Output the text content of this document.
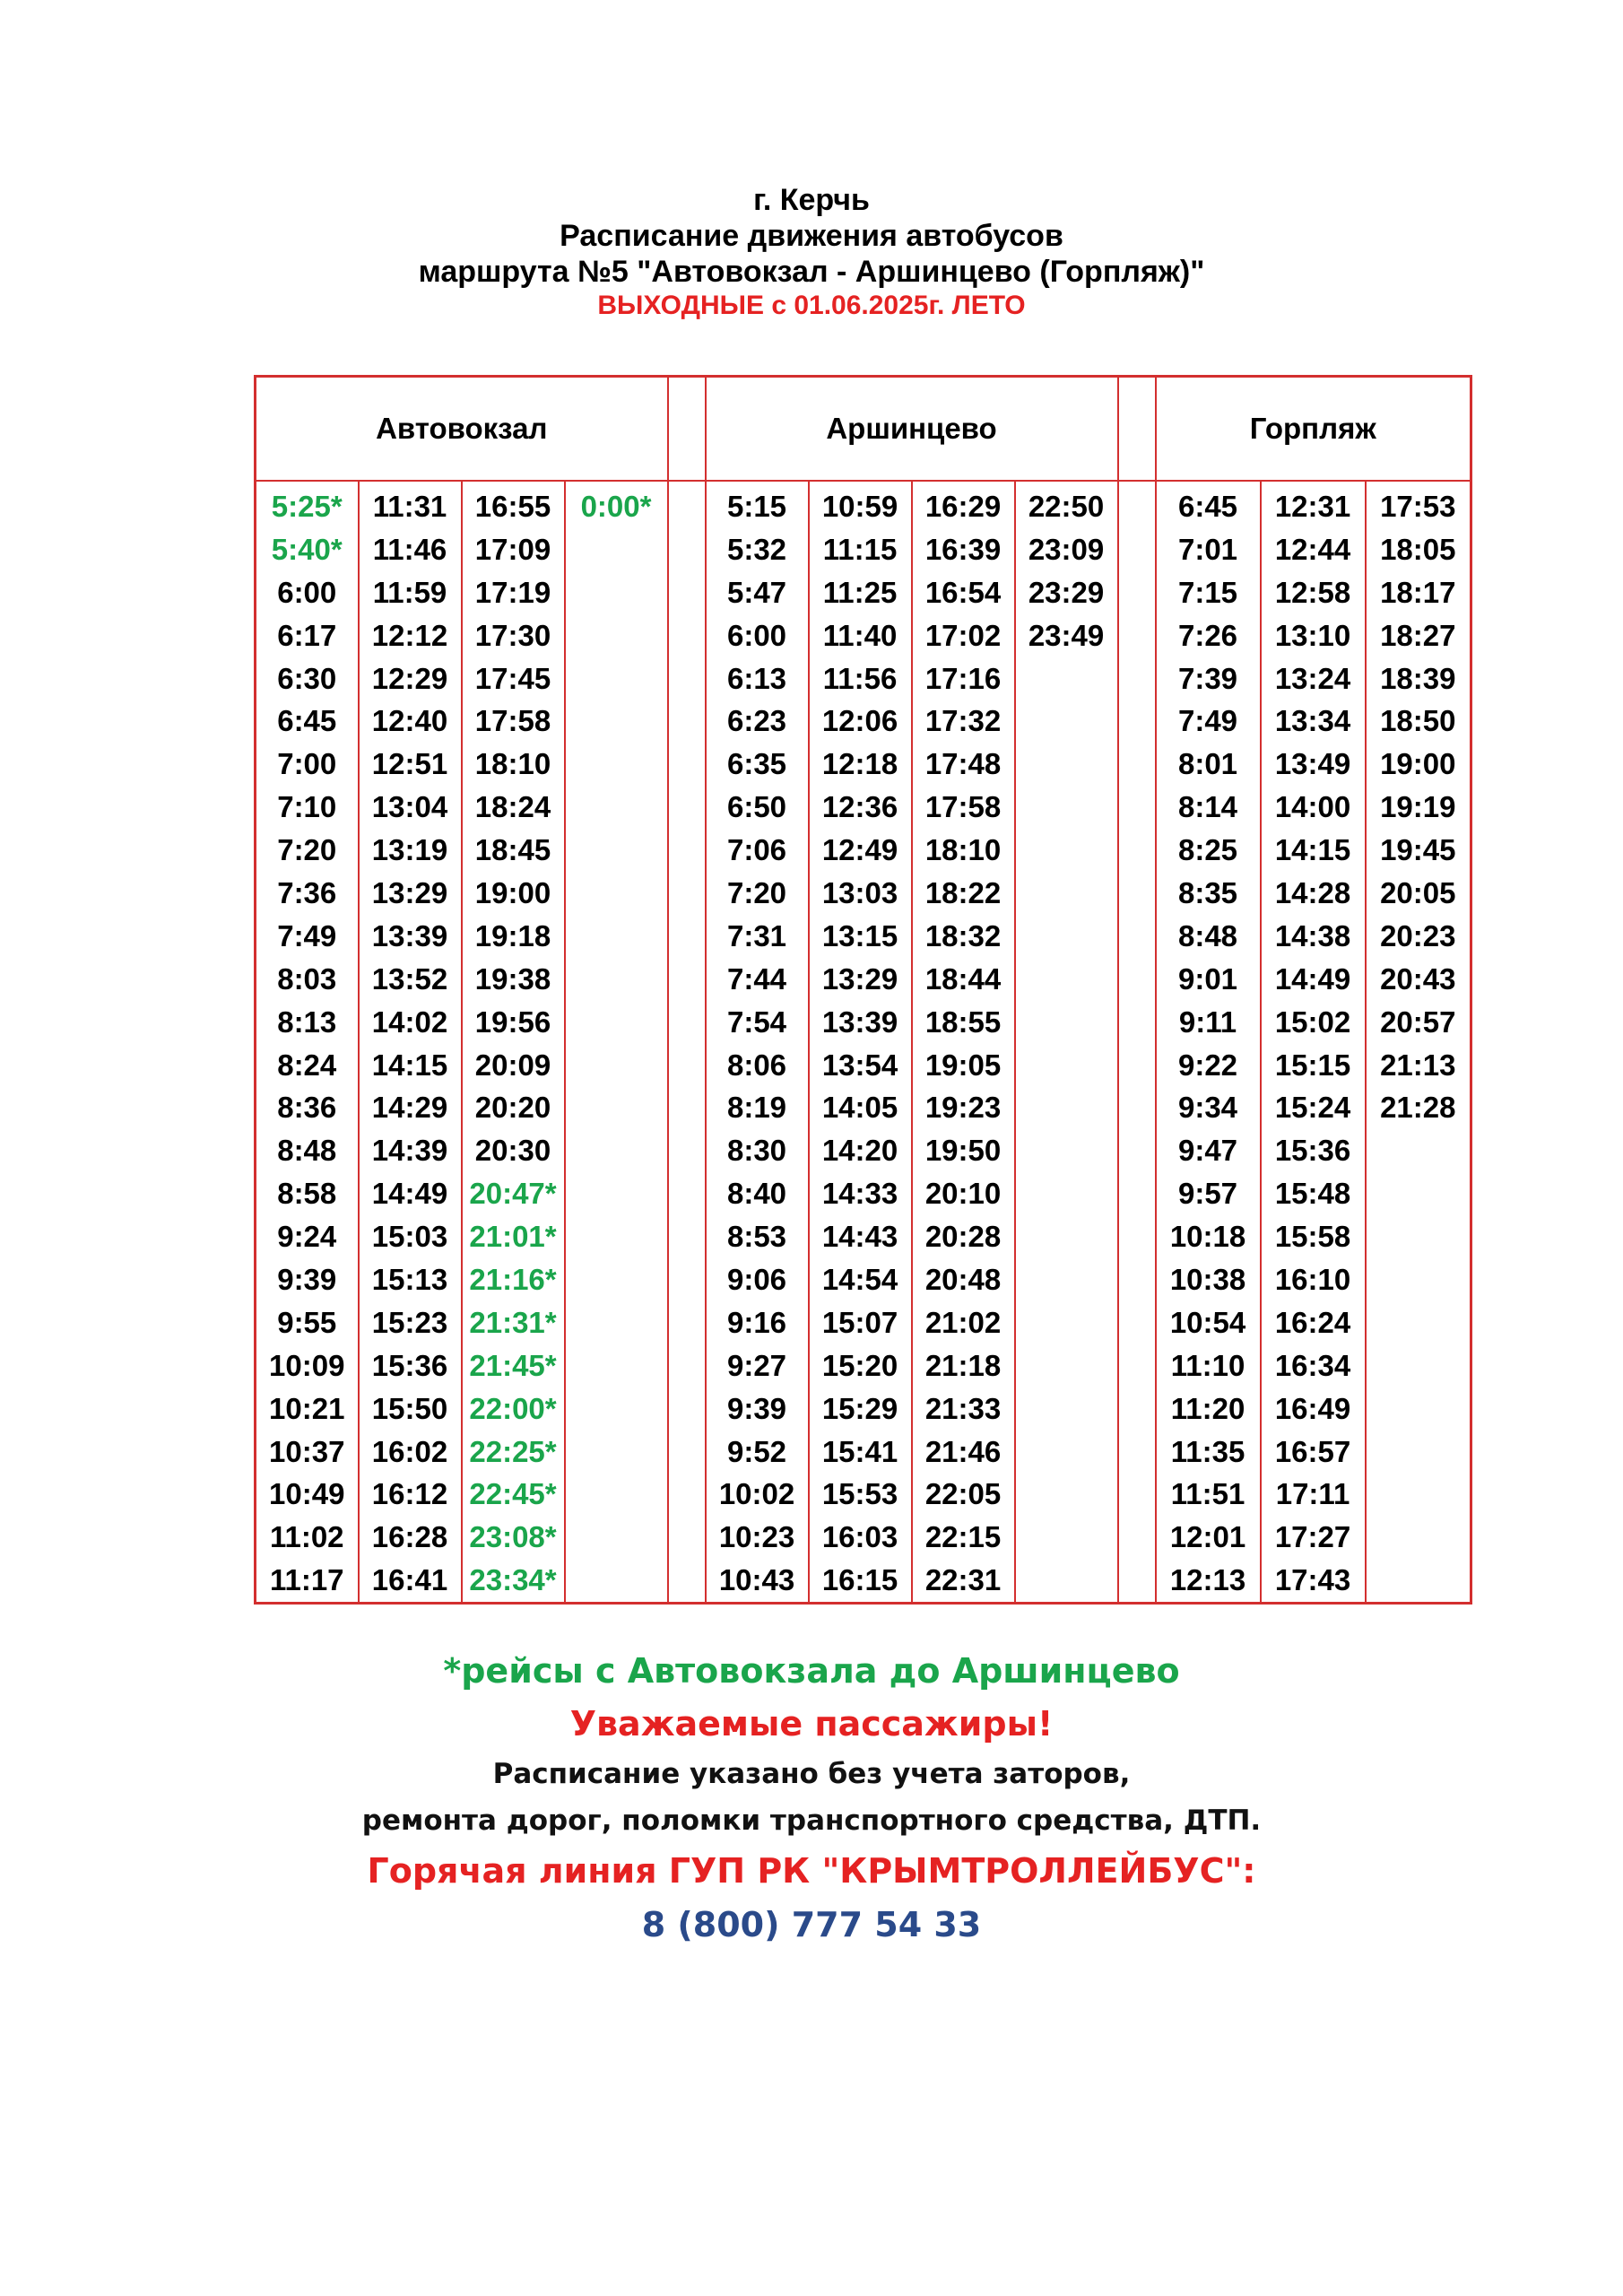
г. Керчь
Расписание движения автобусов
маршрута №5 "Автовокзал - Аршинцево (Горпляж)"
ВЫХОДНЫЕ с 01.06.2025г. ЛЕТО
Автовокзал					Аршинцево					Горпляж		
5:25*	11:31	16:55	0:00*		5:15	10:59	16:29	22:50		6:45	12:31	17:53
5:40*	11:46	17:09			5:32	11:15	16:39	23:09		7:01	12:44	18:05
6:00	11:59	17:19			5:47	11:25	16:54	23:29		7:15	12:58	18:17
6:17	12:12	17:30			6:00	11:40	17:02	23:49		7:26	13:10	18:27
6:30	12:29	17:45			6:13	11:56	17:16			7:39	13:24	18:39
6:45	12:40	17:58			6:23	12:06	17:32			7:49	13:34	18:50
7:00	12:51	18:10			6:35	12:18	17:48			8:01	13:49	19:00
7:10	13:04	18:24			6:50	12:36	17:58			8:14	14:00	19:19
7:20	13:19	18:45			7:06	12:49	18:10			8:25	14:15	19:45
7:36	13:29	19:00			7:20	13:03	18:22			8:35	14:28	20:05
7:49	13:39	19:18			7:31	13:15	18:32			8:48	14:38	20:23
8:03	13:52	19:38			7:44	13:29	18:44			9:01	14:49	20:43
8:13	14:02	19:56			7:54	13:39	18:55			9:11	15:02	20:57
8:24	14:15	20:09			8:06	13:54	19:05			9:22	15:15	21:13
8:36	14:29	20:20			8:19	14:05	19:23			9:34	15:24	21:28
8:48	14:39	20:30			8:30	14:20	19:50			9:47	15:36	
8:58	14:49	20:47*			8:40	14:33	20:10			9:57	15:48	
9:24	15:03	21:01*			8:53	14:43	20:28			10:18	15:58	
9:39	15:13	21:16*			9:06	14:54	20:48			10:38	16:10	
9:55	15:23	21:31*			9:16	15:07	21:02			10:54	16:24	
10:09	15:36	21:45*			9:27	15:20	21:18			11:10	16:34	
10:21	15:50	22:00*			9:39	15:29	21:33			11:20	16:49	
10:37	16:02	22:25*			9:52	15:41	21:46			11:35	16:57	
10:49	16:12	22:45*			10:02	15:53	22:05			11:51	17:11	
11:02	16:28	23:08*			10:23	16:03	22:15			12:01	17:27	
11:17	16:41	23:34*			10:43	16:15	22:31			12:13	17:43	
*рейсы с Автовокзала до Аршинцево
Уважаемые пассажиры!
Расписание указано без учета заторов,
ремонта дорог, поломки транспортного средства, ДТП.
Горячая линия ГУП РК "КРЫМТРОЛЛЕЙБУС":
8 (800) 777 54 33
